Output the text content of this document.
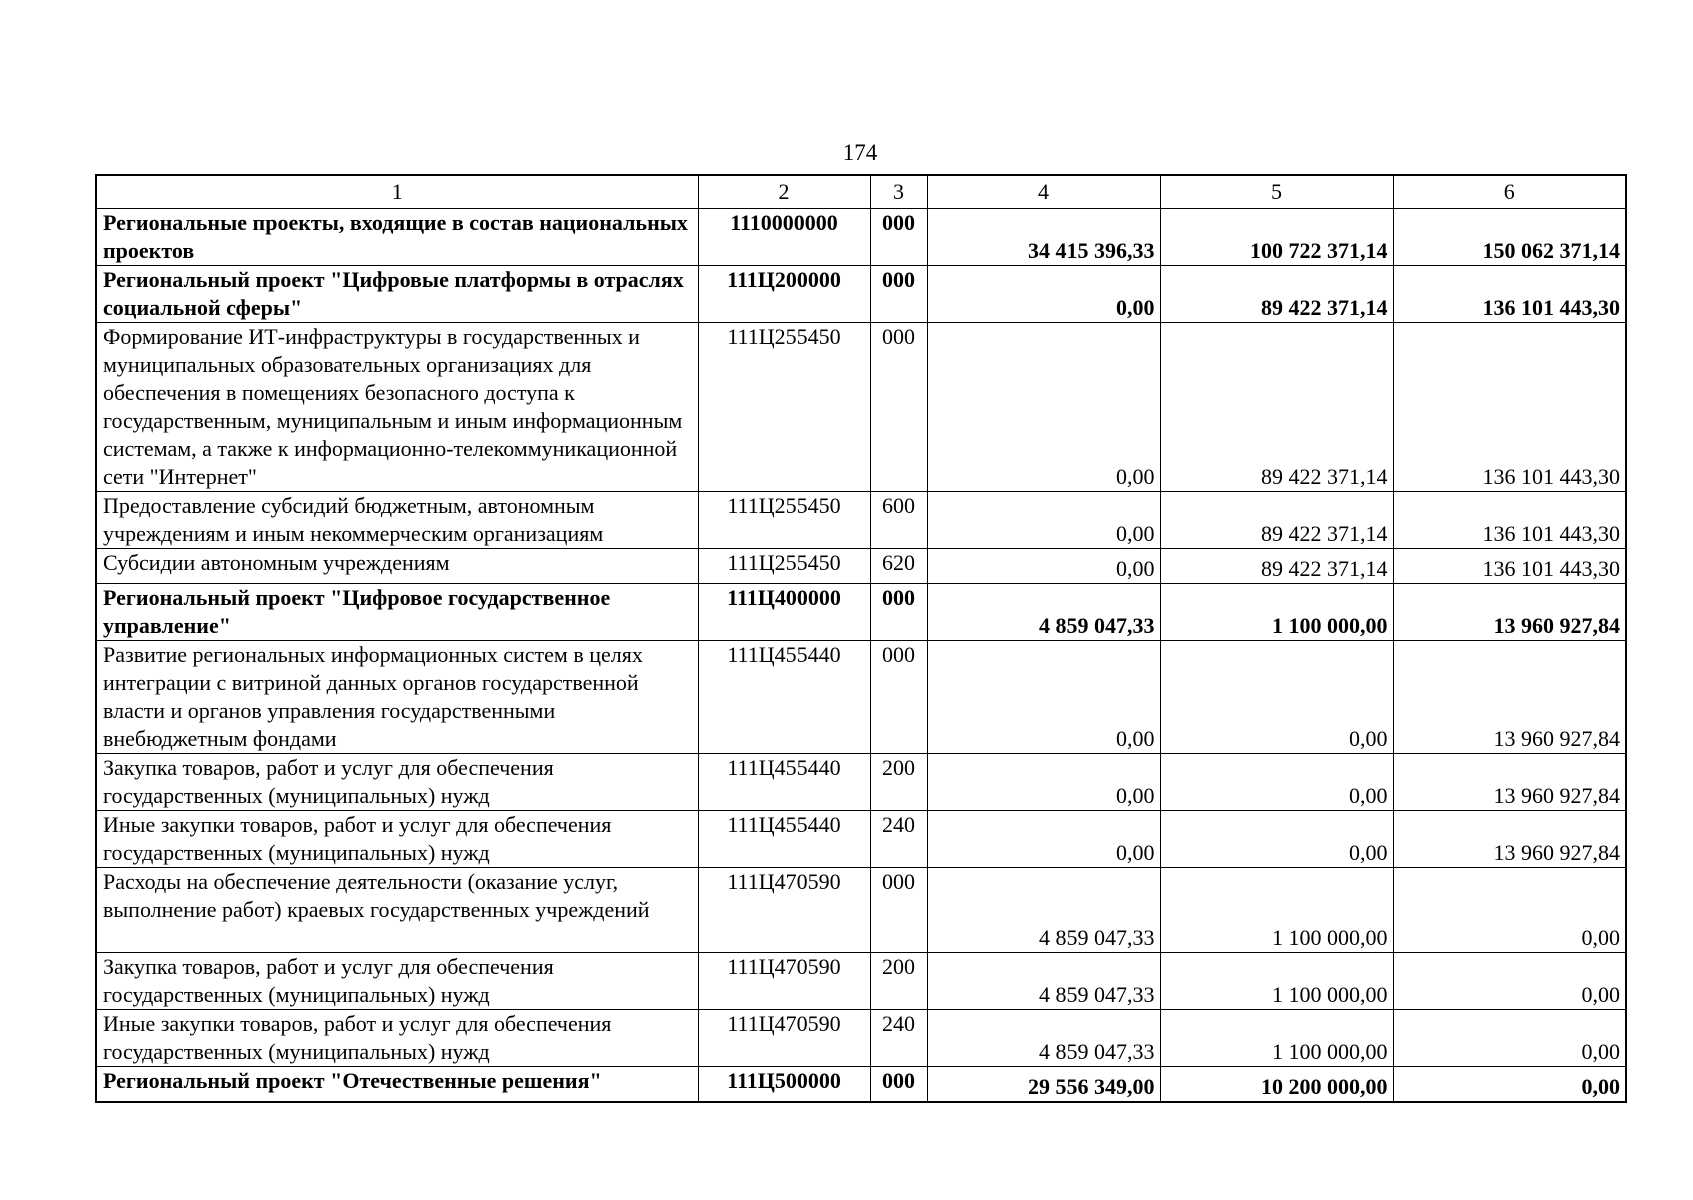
174
1	2	3	4	5	6
Региональные проекты, входящие в состав национальных проектов	1110000000	000	34 415 396,33	100 722 371,14	150 062 371,14
Региональный проект "Цифровые платформы в отраслях социальной сферы"	111Ц200000	000	0,00	89 422 371,14	136 101 443,30
Формирование ИТ-инфраструктуры в государственных и муниципальных образовательных организациях для обеспечения в помещениях безопасного доступа к государственным, муниципальным и иным информационным системам, а также к информационно-телекоммуникационной сети "Интернет"	111Ц255450	000	0,00	89 422 371,14	136 101 443,30
Предоставление субсидий бюджетным, автономным учреждениям и иным некоммерческим организациям	111Ц255450	600	0,00	89 422 371,14	136 101 443,30
Субсидии автономным учреждениям	111Ц255450	620	0,00	89 422 371,14	136 101 443,30
Региональный проект "Цифровое государственное управление"	111Ц400000	000	4 859 047,33	1 100 000,00	13 960 927,84
Развитие региональных информационных систем в целях интеграции с витриной данных органов государственной власти и органов управления государственными внебюджетным фондами	111Ц455440	000	0,00	0,00	13 960 927,84
Закупка товаров, работ и услуг для обеспечения государственных (муниципальных) нужд	111Ц455440	200	0,00	0,00	13 960 927,84
Иные закупки товаров, работ и услуг для обеспечения государственных (муниципальных) нужд	111Ц455440	240	0,00	0,00	13 960 927,84
Расходы на обеспечение деятельности (оказание услуг, выполнение работ) краевых государственных учреждений	111Ц470590	000	4 859 047,33	1 100 000,00	0,00
Закупка товаров, работ и услуг для обеспечения государственных (муниципальных) нужд	111Ц470590	200	4 859 047,33	1 100 000,00	0,00
Иные закупки товаров, работ и услуг для обеспечения государственных (муниципальных) нужд	111Ц470590	240	4 859 047,33	1 100 000,00	0,00
Региональный проект "Отечественные решения"	111Ц500000	000	29 556 349,00	10 200 000,00	0,00
